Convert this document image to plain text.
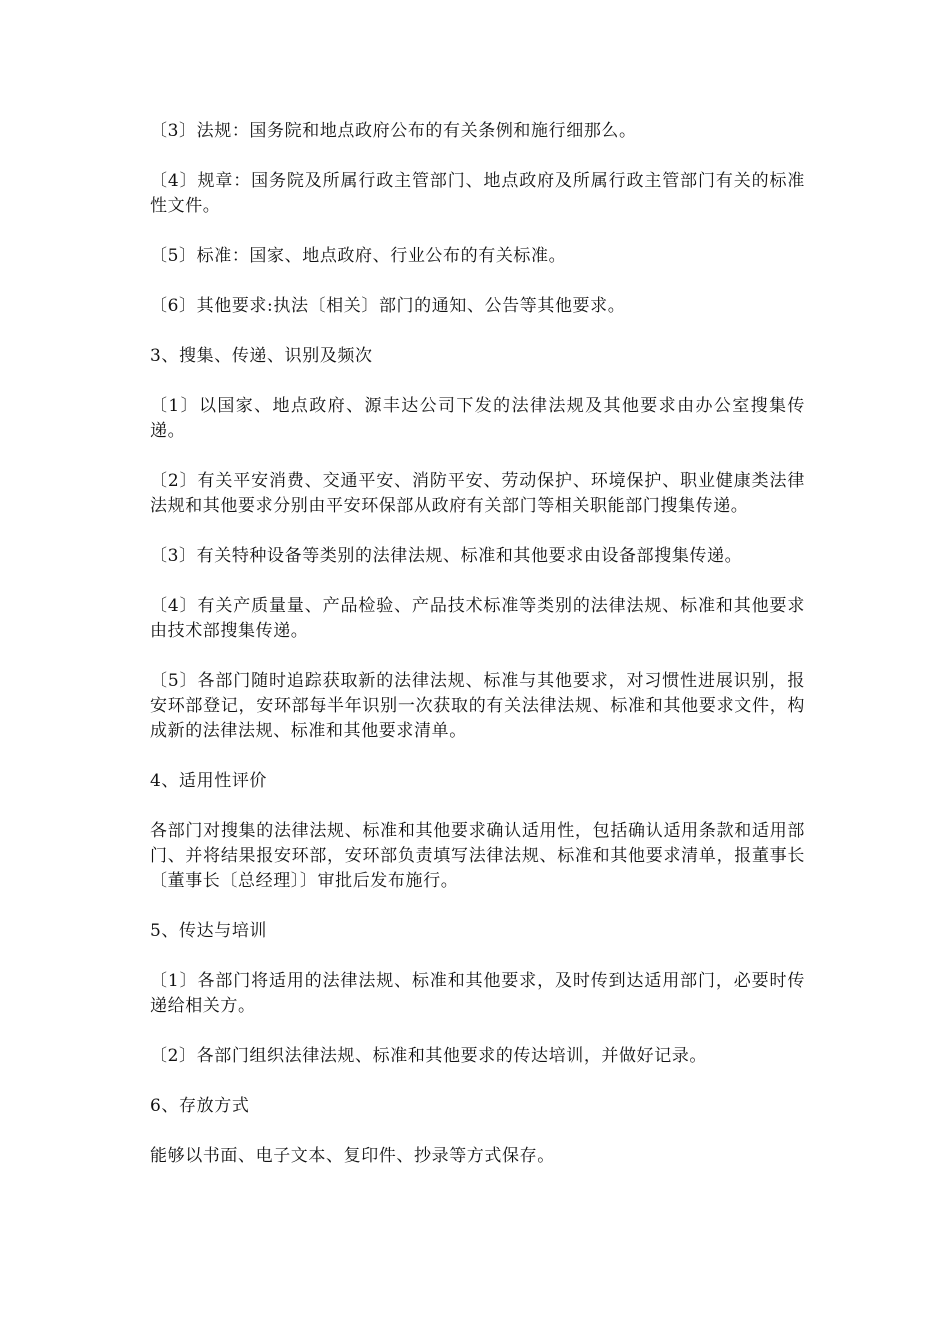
〔3〕法规：国务院和地点政府公布的有关条例和施行细那么。

〔4〕规章：国务院及所属行政主管部门、地点政府及所属行政主管部门有关的标准性文件。

〔5〕标准：国家、地点政府、行业公布的有关标准。

〔6〕其他要求:执法〔相关〕部门的通知、公告等其他要求。

3、搜集、传递、识别及频次

〔1〕以国家、地点政府、源丰达公司下发的法律法规及其他要求由办公室搜集传递。

〔2〕有关平安消费、交通平安、消防平安、劳动保护、环境保护、职业健康类法律法规和其他要求分别由平安环保部从政府有关部门等相关职能部门搜集传递。

〔3〕有关特种设备等类别的法律法规、标准和其他要求由设备部搜集传递。

〔4〕有关产质量量、产品检验、产品技术标准等类别的法律法规、标准和其他要求由技术部搜集传递。

〔5〕各部门随时追踪获取新的法律法规、标准与其他要求，对习惯性进展识别，报安环部登记，安环部每半年识别一次获取的有关法律法规、标准和其他要求文件，构成新的法律法规、标准和其他要求清单。

4、适用性评价

各部门对搜集的法律法规、标准和其他要求确认适用性，包括确认适用条款和适用部门、并将结果报安环部，安环部负责填写法律法规、标准和其他要求清单，报董事长〔董事长〔总经理〕〕审批后发布施行。

5、传达与培训

〔1〕各部门将适用的法律法规、标准和其他要求，及时传到达适用部门，必要时传递给相关方。

〔2〕各部门组织法律法规、标准和其他要求的传达培训，并做好记录。

6、存放方式

能够以书面、电子文本、复印件、抄录等方式保存。
